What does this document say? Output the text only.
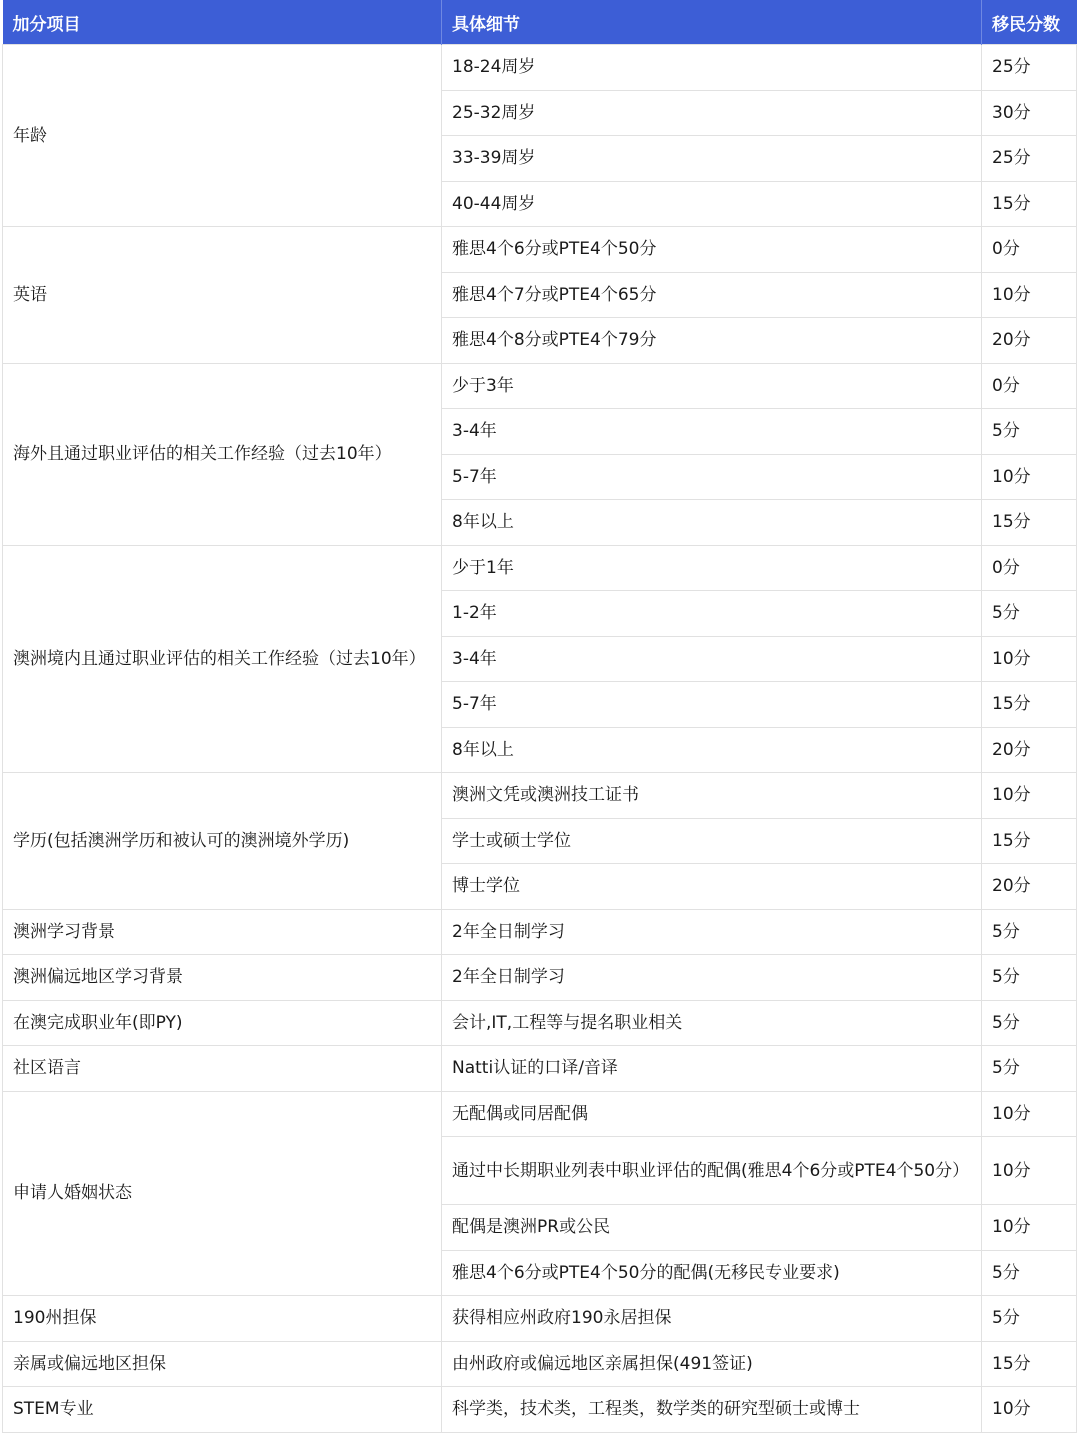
加分项目	具体细节	移民分数
年龄	18-24周岁	25分
	25-32周岁	30分
	33-39周岁	25分
	40-44周岁	15分
英语	雅思4个6分或PTE4个50分	0分
	雅思4个7分或PTE4个65分	10分
	雅思4个8分或PTE4个79分	20分
海外且通过职业评估的相关工作经验（过去10年）	少于3年	0分
	3-4年	5分
	5-7年	10分
	8年以上	15分
澳洲境内且通过职业评估的相关工作经验（过去10年）	少于1年	0分
	1-2年	5分
	3-4年	10分
	5-7年	15分
	8年以上	20分
学历(包括澳洲学历和被认可的澳洲境外学历)	澳洲文凭或澳洲技工证书	10分
	学士或硕士学位	15分
	博士学位	20分
澳洲学习背景	2年全日制学习	5分
澳洲偏远地区学习背景	2年全日制学习	5分
在澳完成职业年(即PY)	会计,IT,工程等与提名职业相关	5分
社区语言	Natti认证的口译/音译	5分
申请人婚姻状态	无配偶或同居配偶	10分
	通过中长期职业列表中职业评估的配偶(雅思4个6分或PTE4个50分）	10分
	配偶是澳洲PR或公民	10分
	雅思4个6分或PTE4个50分的配偶(无移民专业要求)	5分
190州担保	获得相应州政府190永居担保	5分
亲属或偏远地区担保	由州政府或偏远地区亲属担保(491签证)	15分
STEM专业	科学类，技术类，工程类，数学类的研究型硕士或博士	10分
